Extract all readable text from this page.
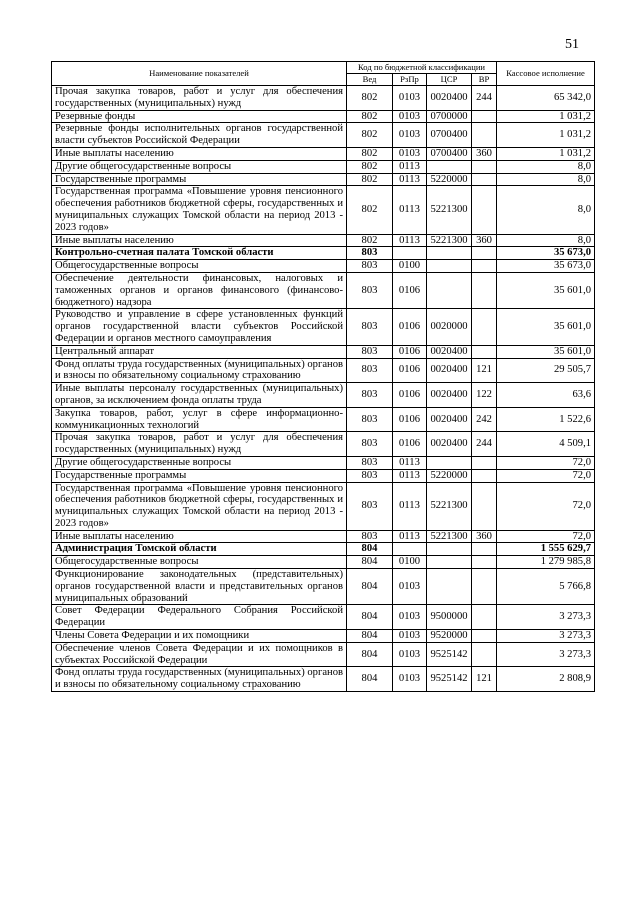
51
Наименование показателей	Код по бюджетной классификации				Кассовое исполнение
	Вед	РзПр	ЦСР	ВР	
Прочая закупка товаров, работ и услуг для обеспечения государственных (муниципальных) нужд	802	0103	0020400	244	65 342,0
Резервные фонды	802	0103	0700000		1 031,2
Резервные фонды исполнительных органов государственной власти субъектов Российской Федерации	802	0103	0700400		1 031,2
Иные выплаты населению	802	0103	0700400	360	1 031,2
Другие общегосударственные вопросы	802	0113			8,0
Государственные программы	802	0113	5220000		8,0
Государственная программа «Повышение уровня пенсионного обеспечения работников бюджетной сферы, государственных и муниципальных служащих Томской области на период 2013 - 2023 годов»	802	0113	5221300		8,0
Иные выплаты населению	802	0113	5221300	360	8,0
Контрольно-счетная палата Томской области	803				35 673,0
Общегосударственные вопросы	803	0100			35 673,0
Обеспечение деятельности финансовых, налоговых и таможенных органов и органов финансового (финансово-бюджетного) надзора	803	0106			35 601,0
Руководство и управление в сфере установленных функций органов государственной власти субъектов Российской Федерации и органов местного самоуправления	803	0106	0020000		35 601,0
Центральный аппарат	803	0106	0020400		35 601,0
Фонд оплаты труда государственных (муниципальных) органов и взносы по обязательному социальному страхованию	803	0106	0020400	121	29 505,7
Иные выплаты персоналу государственных (муниципальных) органов, за исключением фонда оплаты труда	803	0106	0020400	122	63,6
Закупка товаров, работ, услуг в сфере информационно-коммуникационных технологий	803	0106	0020400	242	1 522,6
Прочая закупка товаров, работ и услуг для обеспечения государственных (муниципальных) нужд	803	0106	0020400	244	4 509,1
Другие общегосударственные вопросы	803	0113			72,0
Государственные программы	803	0113	5220000		72,0
Государственная программа «Повышение уровня пенсионного обеспечения работников бюджетной сферы, государственных и муниципальных служащих Томской области на период 2013 - 2023 годов»	803	0113	5221300		72,0
Иные выплаты населению	803	0113	5221300	360	72,0
Администрация Томской области	804				1 555 629,7
Общегосударственные вопросы	804	0100			1 279 985,8
Функционирование законодательных (представительных) органов государственной власти и представительных органов муниципальных образований	804	0103			5 766,8
Совет Федерации Федерального Собрания Российской Федерации	804	0103	9500000		3 273,3
Члены Совета Федерации и их помощники	804	0103	9520000		3 273,3
Обеспечение членов Совета Федерации и их помощников в субъектах Российской Федерации	804	0103	9525142		3 273,3
Фонд оплаты труда государственных (муниципальных) органов и взносы по обязательному социальному страхованию	804	0103	9525142	121	2 808,9
